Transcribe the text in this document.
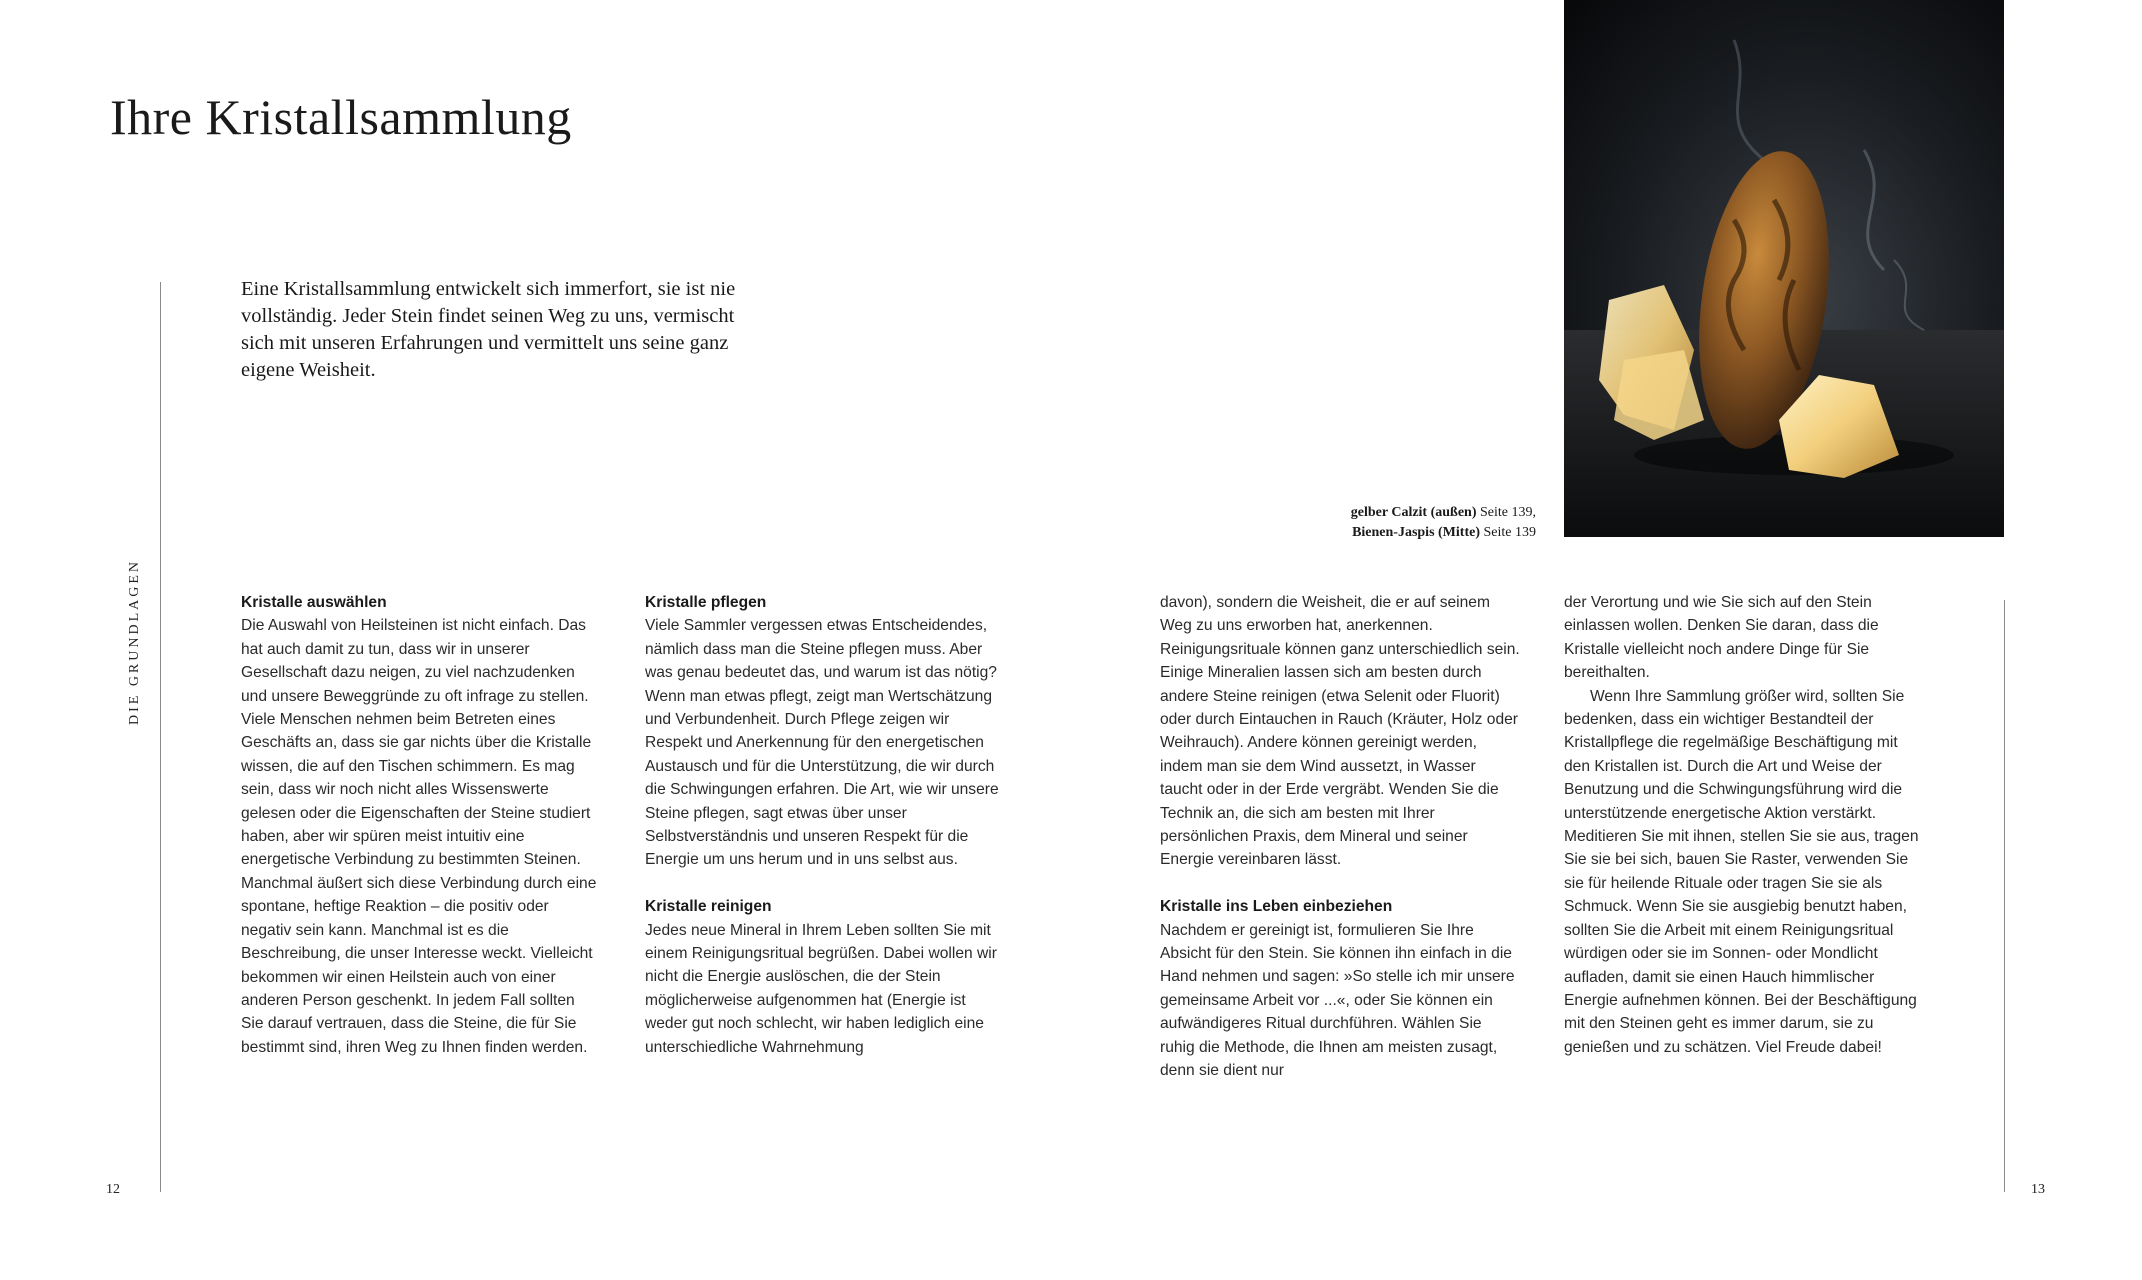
Ihre Kristallsammlung
DIE GRUNDLAGEN

Eine Kristallsammlung entwickelt sich immerfort, sie ist nie vollständig. Jeder Stein findet seinen Weg zu uns, vermischt sich mit unseren Erfahrungen und vermittelt uns seine ganz eigene Weisheit.

gelber Calzit (außen) Seite 139,
Bienen-Jaspis (Mitte) Seite 139
Kristalle auswählen

Die Auswahl von Heilsteinen ist nicht einfach. Das hat auch damit zu tun, dass wir in unserer Gesellschaft dazu neigen, zu viel nachzudenken und unsere Beweggründe zu oft infrage zu stellen. Viele Menschen nehmen beim Betreten eines Geschäfts an, dass sie gar nichts über die Kristalle wissen, die auf den Tischen schimmern. Es mag sein, dass wir noch nicht alles Wissenswerte gelesen oder die Eigenschaften der Steine studiert haben, aber wir spüren meist intuitiv eine energetische Verbindung zu bestimmten Steinen. Manchmal äußert sich diese Verbindung durch eine spontane, heftige Reaktion – die positiv oder negativ sein kann. Manchmal ist es die Beschreibung, die unser Interesse weckt. Vielleicht bekommen wir einen Heilstein auch von einer anderen Person geschenkt. In jedem Fall sollten Sie darauf vertrauen, dass die Steine, die für Sie bestimmt sind, ihren Weg zu Ihnen finden werden.

Kristalle pflegen

Viele Sammler vergessen etwas Entscheidendes, nämlich dass man die Steine pflegen muss. Aber was genau bedeutet das, und warum ist das nötig? Wenn man etwas pflegt, zeigt man Wertschätzung und Verbundenheit. Durch Pflege zeigen wir Respekt und Anerkennung für den energetischen Austausch und für die Unterstützung, die wir durch die Schwingungen erfahren. Die Art, wie wir unsere Steine pflegen, sagt etwas über unser Selbstverständnis und unseren Respekt für die Energie um uns herum und in uns selbst aus.

Kristalle reinigen

Jedes neue Mineral in Ihrem Leben sollten Sie mit einem Reinigungsritual begrüßen. Dabei wollen wir nicht die Energie auslöschen, die der Stein möglicherweise aufgenommen hat (Energie ist weder gut noch schlecht, wir haben lediglich eine unterschiedliche Wahrnehmung

davon), sondern die Weisheit, die er auf seinem Weg zu uns erworben hat, anerkennen. Reinigungsrituale können ganz unterschiedlich sein. Einige Mineralien lassen sich am besten durch andere Steine reinigen (etwa Selenit oder Fluorit) oder durch Eintauchen in Rauch (Kräuter, Holz oder Weihrauch). Andere können gereinigt werden, indem man sie dem Wind aussetzt, in Wasser taucht oder in der Erde vergräbt. Wenden Sie die Technik an, die sich am besten mit Ihrer persönlichen Praxis, dem Mineral und seiner Energie vereinbaren lässt.

Kristalle ins Leben einbeziehen

Nachdem er gereinigt ist, formulieren Sie Ihre Absicht für den Stein. Sie können ihn einfach in die Hand nehmen und sagen: »So stelle ich mir unsere gemeinsame Arbeit vor ...«, oder Sie können ein aufwändigeres Ritual durchführen. Wählen Sie ruhig die Methode, die Ihnen am meisten zusagt, denn sie dient nur

der Verortung und wie Sie sich auf den Stein einlassen wollen. Denken Sie daran, dass die Kristalle vielleicht noch andere Dinge für Sie bereithalten.

Wenn Ihre Sammlung größer wird, sollten Sie bedenken, dass ein wichtiger Bestandteil der Kristallpflege die regelmäßige Beschäftigung mit den Kristallen ist. Durch die Art und Weise der Benutzung und die Schwingungsführung wird die unterstützende energetische Aktion verstärkt. Meditieren Sie mit ihnen, stellen Sie sie aus, tragen Sie sie bei sich, bauen Sie Raster, verwenden Sie sie für heilende Rituale oder tragen Sie sie als Schmuck. Wenn Sie sie ausgiebig benutzt haben, sollten Sie die Arbeit mit einem Reinigungsritual würdigen oder sie im Sonnen- oder Mondlicht aufladen, damit sie einen Hauch himmlischer Energie aufnehmen können. Bei der Beschäftigung mit den Steinen geht es immer darum, sie zu genießen und zu schätzen. Viel Freude dabei!

12	13
